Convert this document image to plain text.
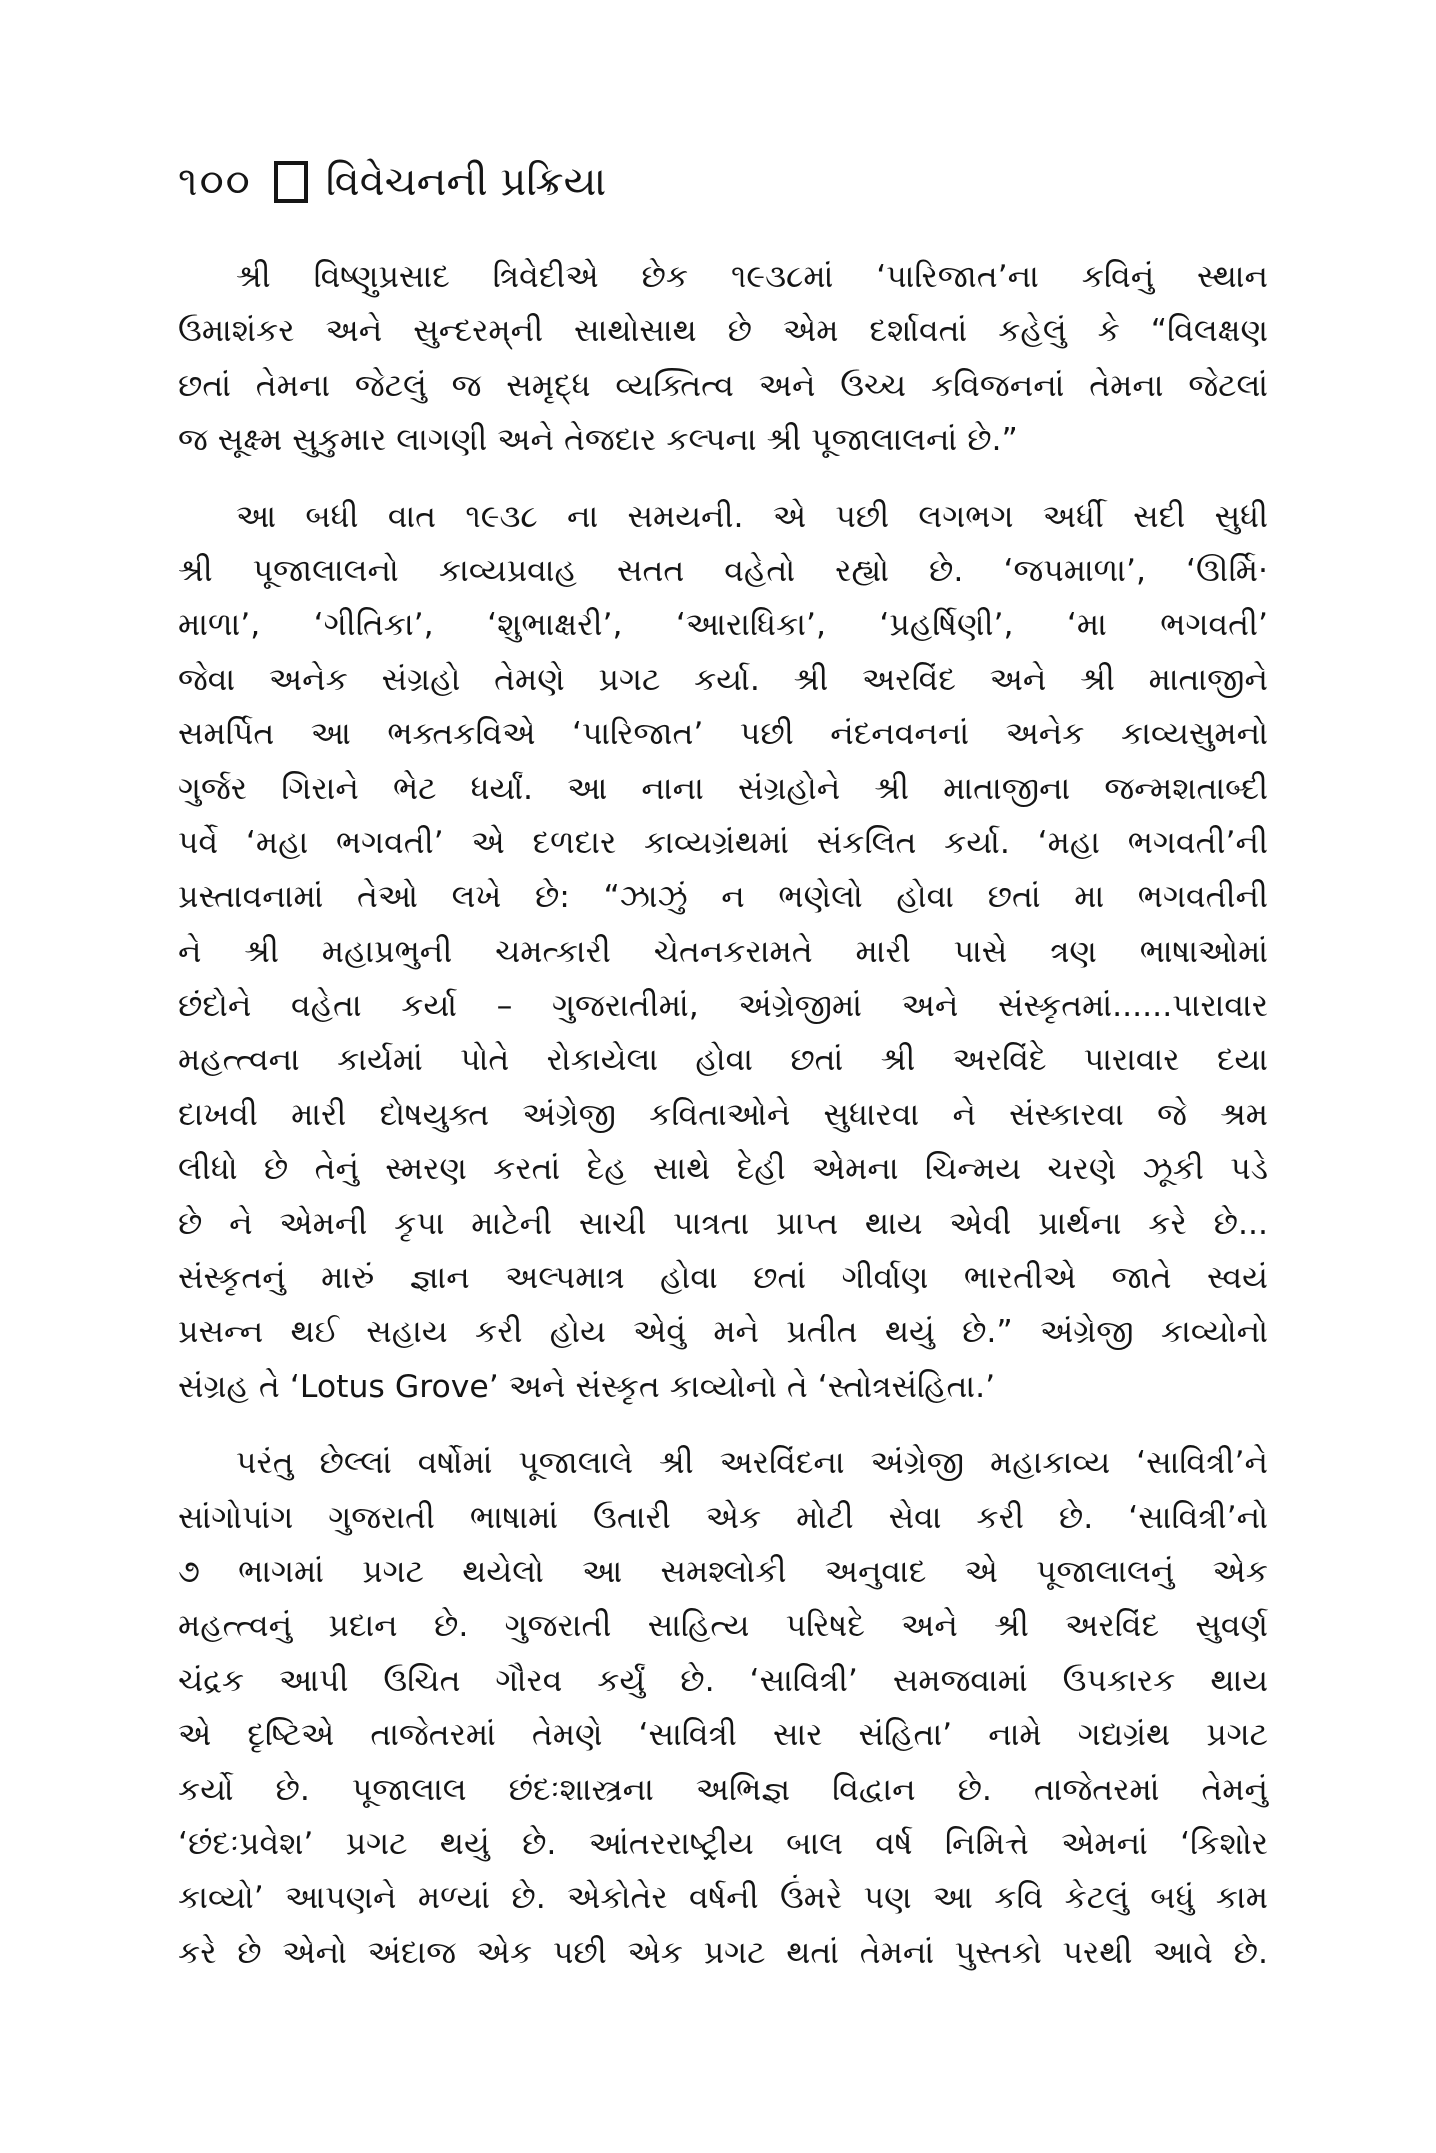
૧૦૦ વિવેચનની પ્રક્રિયા
શ્રી વિષ્ણુપ્રસાદ ત્રિવેદીએ છેક ૧૯૩૮માં ‘પારિજાત’ના કવિનું સ્થાન
ઉમાશંકર અને સુન્દરમ્‌ની સાથોસાથ છે એમ દર્શાવતાં કહેલું કે “વિલક્ષણ
છતાં તેમના જેટલું જ સમૃદ્ધ વ્યક્તિત્વ અને ઉચ્ચ કવિજનનાં તેમના જેટલાં
જ સૂક્ષ્મ સુકુમાર લાગણી અને તેજદાર કલ્પના શ્રી પૂજાલાલનાં છે.”
આ બધી વાત ૧૯૩૮ ના સમયની. એ પછી લગભગ અર્ધી સદી સુધી
શ્રી પૂજાલાલનો કાવ્યપ્રવાહ સતત વહેતો રહ્યો છે. ‘જપમાળા’, ‘ઊર્મિ·
માળા’, ‘ગીતિકા’, ‘શુભાક્ષરી’, ‘આરાધિકા’, ‘પ્રહર્ષિણી’, ‘મા ભગવતી’
જેવા અનેક સંગ્રહો તેમણે પ્રગટ કર્યા. શ્રી અરવિંદ અને શ્રી માતાજીને
સમર્પિત આ ભક્તકવિએ ‘પારિજાત’ પછી નંદનવનનાં અનેક કાવ્યસુમનો
ગુર્જર ગિરાને ભેટ ધર્યાં. આ નાના સંગ્રહોને શ્રી માતાજીના જન્મશતાબ્દી
પર્વે ‘મહા ભગવતી’ એ દળદાર કાવ્યગ્રંથમાં સંકલિત કર્યા. ‘મહા ભગવતી’ની
પ્રસ્તાવનામાં તેઓ લખે છે: “ઝાઝું ન ભણેલો હોવા છતાં મા ભગવતીની
ને શ્રી મહાપ્રભુની ચમત્કારી ચેતનકરામતે મારી પાસે ત્રણ ભાષાઓમાં
છંદોને વહેતા કર્યા – ગુજરાતીમાં, અંગ્રેજીમાં અને સંસ્કૃતમાં......પારાવાર
મહત્ત્વના કાર્યમાં પોતે રોકાયેલા હોવા છતાં શ્રી અરવિંદે પારાવાર દયા
દાખવી મારી દોષયુક્ત અંગ્રેજી કવિતાઓને સુધારવા ને સંસ્કારવા જે શ્રમ
લીધો છે તેનું સ્મરણ કરતાં દેહ સાથે દેહી એમના ચિન્મય ચરણે ઝૂકી પડે
છે ને એમની કૃપા માટેની સાચી પાત્રતા પ્રાપ્ત થાય એવી પ્રાર્થના કરે છે...
સંસ્કૃતનું મારું જ્ઞાન અલ્પમાત્ર હોવા છતાં ગીર્વાણ ભારતીએ જાતે સ્વયં
પ્રસન્ન થઈ સહાય કરી હોય એવું મને પ્રતીત થયું છે.” અંગ્રેજી કાવ્યોનો
સંગ્રહ તે ‘Lotus Grove’ અને સંસ્કૃત કાવ્યોનો તે ‘સ્તોત્રસંહિતા.’
પરંતુ છેલ્લાં વર્ષોમાં પૂજાલાલે શ્રી અરવિંદના અંગ્રેજી મહાકાવ્ય ‘સાવિત્રી’ને
સાંગોપાંગ ગુજરાતી ભાષામાં ઉતારી એક મોટી સેવા કરી છે. ‘સાવિત્રી’નો
૭ ભાગમાં પ્રગટ થયેલો આ સમશ્લોકી અનુવાદ એ પૂજાલાલનું એક
મહત્ત્વનું પ્રદાન છે. ગુજરાતી સાહિત્ય પરિષદે અને શ્રી અરવિંદ સુવર્ણ
ચંદ્રક આપી ઉચિત ગૌરવ કર્યું છે. ‘સાવિત્રી’ સમજવામાં ઉપકારક થાય
એ દૃષ્ટિએ તાજેતરમાં તેમણે ‘સાવિત્રી સાર સંહિતા’ નામે ગદ્યગ્રંથ પ્રગટ
કર્યો છે. પૂજાલાલ છંદઃશાસ્ત્રના અભિજ્ઞ વિદ્વાન છે. તાજેતરમાં તેમનું
‘છંદઃપ્રવેશ’ પ્રગટ થયું છે. આંતરરાષ્ટ્રીય બાલ વર્ષ નિમિત્તે એમનાં ‘કિશોર
કાવ્યો’ આપણને મળ્યાં છે. એકોતેર વર્ષની ઉંમરે પણ આ કવિ કેટલું બધું કામ
કરે છે એનો અંદાજ એક પછી એક પ્રગટ થતાં તેમનાં પુસ્તકો પરથી આવે છે.
